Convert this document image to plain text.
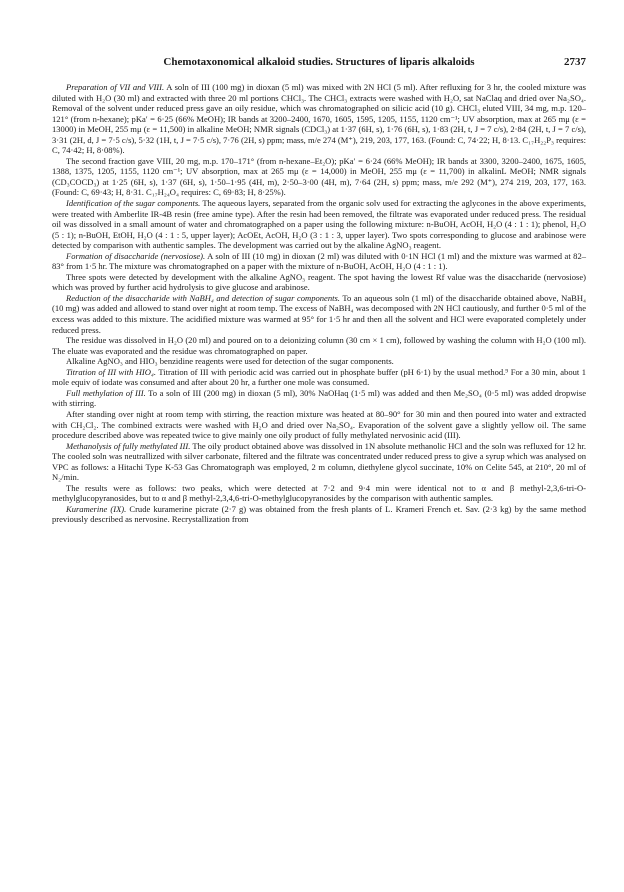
Chemotaxonomical alkaloid studies. Structures of liparis alkaloids	2737

Preparation of VII and VIII. A soln of III (100 mg) in dioxan (5 ml) was mixed with 2N HCl (5 ml). After refluxing for 3 hr, the cooled mixture was diluted with H₂O (30 ml) and extracted with three 20 ml portions CHCl₃. The CHCl₃ extracts were washed with H₂O, sat NaClaq and dried over Na₂SO₄. Removal of the solvent under reduced press gave an oily residue, which was chromatographed on silicic acid (10 g). CHCl₃ eluted VIII, 34 mg, m.p. 120–121° (from n-hexane); pKa′ = 6·25 (66% MeOH); IR bands at 3200–2400, 1670, 1605, 1595, 1205, 1155, 1120 cm⁻¹; UV absorption, max at 265 mμ (ε = 13000) in MeOH, 255 mμ (ε = 11,500) in alkaline MeOH; NMR signals (CDCl₃) at 1·37 (6H, s), 1·76 (6H, s), 1·83 (2H, t, J = 7 c/s), 2·84 (2H, t, J = 7 c/s), 3·31 (2H, d, J = 7·5 c/s), 5·32 (1H, t, J = 7·5 c/s), 7·76 (2H, s) ppm; mass, m/e 274 (M⁺), 219, 203, 177, 163. (Found: C, 74·22; H, 8·13. C₁₇H₂₂P₃ requires: C, 74·42; H, 8·08%).

The second fraction gave VIII, 20 mg, m.p. 170–171° (from n-hexane–Et₂O); pKa′ = 6·24 (66% MeOH); IR bands at 3300, 3200–2400, 1675, 1605, 1388, 1375, 1205, 1155, 1120 cm⁻¹; UV absorption, max at 265 mμ (ε = 14,000) in MeOH, 255 mμ (ε = 11,700) in alkalinL MeOH; NMR signals (CD₃COCD₃) at 1·25 (6H, s), 1·37 (6H, s), 1·50–1·95 (4H, m), 2·50–3·00 (4H, m), 7·64 (2H, s) ppm; mass, m/e 292 (M⁺), 274 219, 203, 177, 163. (Found: C, 69·43; H, 8·31. C₁₇H₂₄O₄ requires: C, 69·83; H, 8·25%).

Identification of the sugar components. The aqueous layers, separated from the organic solv used for extracting the aglycones in the above experiments, were treated with Amberlite IR-4B resin (free amine type). After the resin had been removed, the filtrate was evaporated under reduced press. The residual oil was dissolved in a small amount of water and chromatographed on a paper using the following mixture: n-BuOH, AcOH, H₂O (4 : 1 : 1); phenol, H₂O (5 : 1); n-BuOH, EtOH, H₂O (4 : 1 : 5, upper layer); AcOEt, AcOH, H₂O (3 : 1 : 3, upper layer). Two spots corresponding to glucose and arabinose were detected by comparison with authentic samples. The development was carried out by the alkaline AgNO₃ reagent.

Formation of disaccharide (nervosiose). A soln of III (10 mg) in dioxan (2 ml) was diluted with 0·1N HCl (1 ml) and the mixture was warmed at 82–83° from 1·5 hr. The mixture was chromatographed on a paper with the mixture of n-BuOH, AcOH, H₂O (4 : 1 : 1).

Three spots were detected by development with the alkaline AgNO₃ reagent. The spot having the lowest Rf value was the disaccharide (nervosiose) which was proved by further acid hydrolysis to give glucose and arabinose.

Reduction of the disaccharide with NaBH₄ and detection of sugar components. To an aqueous soln (1 ml) of the disaccharide obtained above, NaBH₄ (10 mg) was added and allowed to stand over night at room temp. The excess of NaBH₄ was decomposed with 2N HCl cautiously, and further 0·5 ml of the excess was added to this mixture. The acidified mixture was warmed at 95° for 1·5 hr and then all the solvent and HCl were evaporated completely under reduced press.

The residue was dissolved in H₂O (20 ml) and poured on to a deionizing column (30 cm × 1 cm), followed by washing the column with H₂O (100 ml). The eluate was evaporated and the residue was chromatographed on paper.

Alkaline AgNO₃ and HIO₃ benzidine reagents were used for detection of the sugar components.

Titration of III with HIO₄. Titration of III with periodic acid was carried out in phosphate buffer (pH 6·1) by the usual method.⁹ For a 30 min, about 1 mole equiv of iodate was consumed and after about 20 hr, a further one mole was consumed.

Full methylation of III. To a soln of III (200 mg) in dioxan (5 ml), 30% NaOHaq (1·5 ml) was added and then Me₂SO₄ (0·5 ml) was added dropwise with stirring.

After standing over night at room temp with stirring, the reaction mixture was heated at 80–90° for 30 min and then poured into water and extracted with CH₂Cl₂. The combined extracts were washed with H₂O and dried over Na₂SO₄. Evaporation of the solvent gave a slightly yellow oil. The same procedure described above was repeated twice to give mainly one oily product of fully methylated nervosinic acid (III).

Methanolysis of fully methylated III. The oily product obtained above was dissolved in 1N absolute methanolic HCl and the soln was refluxed for 12 hr. The cooled soln was neutrallized with silver carbonate, filtered and the filtrate was concentrated under reduced press to give a syrup which was analysed on VPC as follows: a Hitachi Type K-53 Gas Chromatograph was employed, 2 m column, diethylene glycol succinate, 10% on Celite 545, at 210°, 20 ml of N₂/min.

The results were as follows: two peaks, which were detected at 7·2 and 9·4 min were identical not to α and β methyl-2,3,6-tri-O-methylglucopyranosides, but to α and β methyl-2,3,4,6-tri-O-methylglucopyranosides by the comparison with authentic samples.

Kuramerine (IX). Crude kuramerine picrate (2·7 g) was obtained from the fresh plants of L. Krameri French et. Sav. (2·3 kg) by the same method previously described as nervosine. Recrystallization from
